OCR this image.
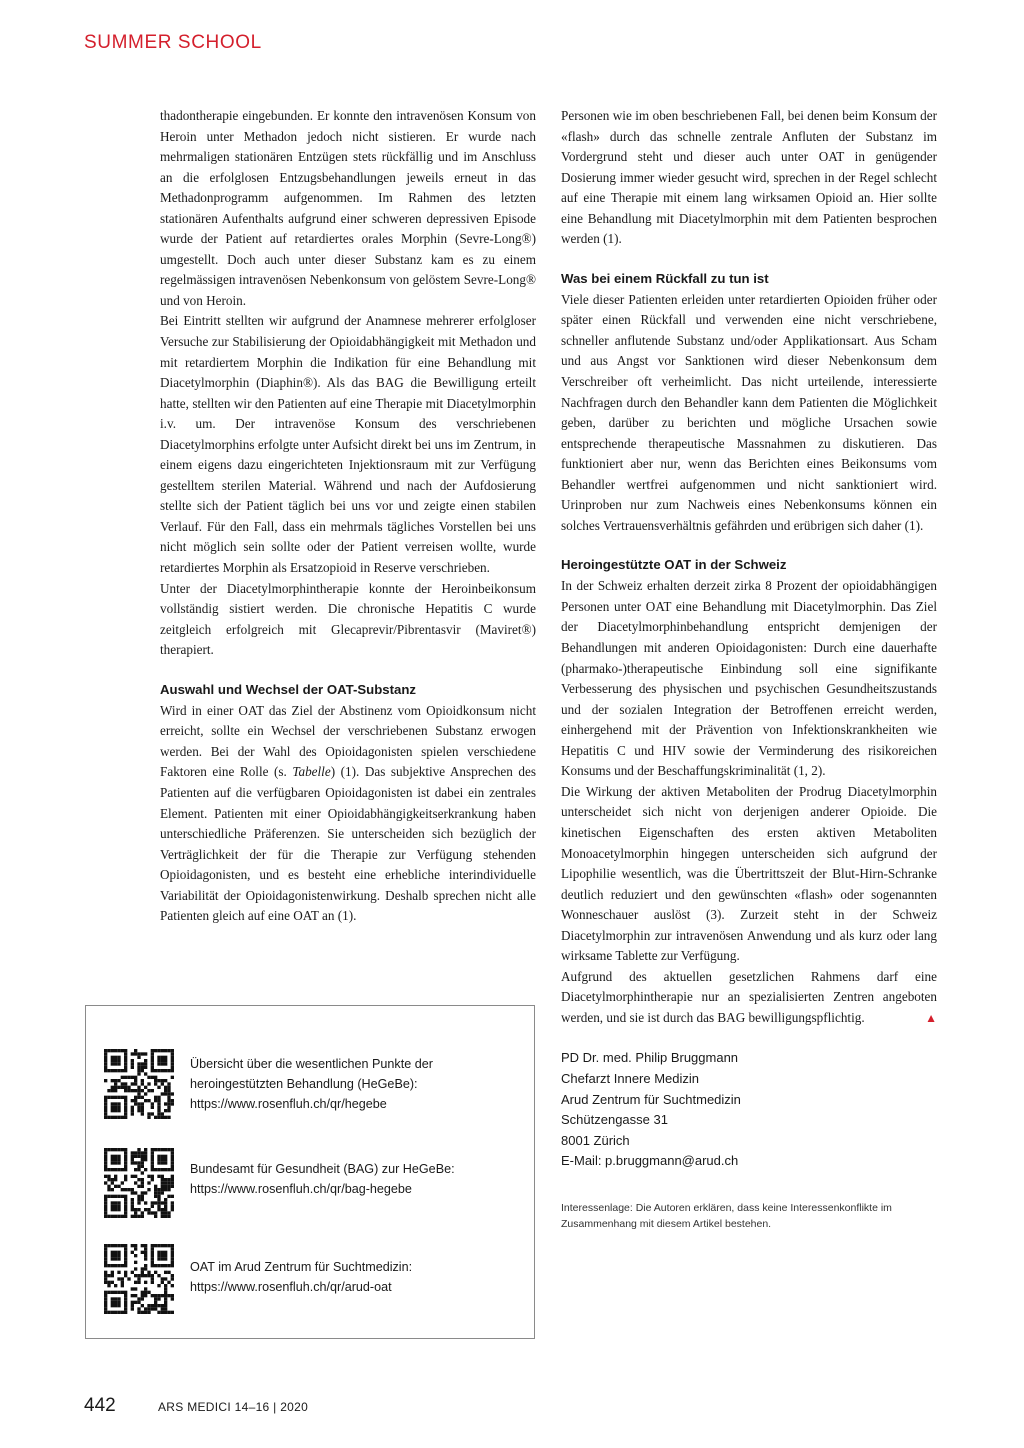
SUMMER SCHOOL

thadontherapie eingebunden. Er konnte den intravenösen Konsum von Heroin unter Methadon jedoch nicht sistieren. Er wurde nach mehrmaligen stationären Entzügen stets rückfällig und im Anschluss an die erfolglosen Entzugsbehandlungen jeweils erneut in das Methadonprogramm aufgenommen. Im Rahmen des letzten stationären Aufenthalts aufgrund einer schweren depressiven Episode wurde der Patient auf retardiertes orales Morphin (Sevre-Long®) umgestellt. Doch auch unter dieser Substanz kam es zu einem regelmässigen intravenösen Nebenkonsum von gelöstem Sevre-Long® und von Heroin.

Bei Eintritt stellten wir aufgrund der Anamnese mehrerer erfolgloser Versuche zur Stabilisierung der Opioidabhängigkeit mit Methadon und mit retardiertem Morphin die Indikation für eine Behandlung mit Diacetylmorphin (Diaphin®). Als das BAG die Bewilligung erteilt hatte, stellten wir den Patienten auf eine Therapie mit Diacetylmorphin i.v. um. Der intravenöse Konsum des verschriebenen Diacetylmorphins erfolgte unter Aufsicht direkt bei uns im Zentrum, in einem eigens dazu eingerichteten Injektionsraum mit zur Verfügung gestelltem sterilen Material. Während und nach der Aufdosierung stellte sich der Patient täglich bei uns vor und zeigte einen stabilen Verlauf. Für den Fall, dass ein mehrmals tägliches Vorstellen bei uns nicht möglich sein sollte oder der Patient verreisen wollte, wurde retardiertes Morphin als Ersatzopioid in Reserve verschrieben.

Unter der Diacetylmorphintherapie konnte der Heroinbeikonsum vollständig sistiert werden. Die chronische Hepatitis C wurde zeitgleich erfolgreich mit Glecaprevir/Pibrentasvir (Maviret®) therapiert.

Auswahl und Wechsel der OAT-Substanz

Wird in einer OAT das Ziel der Abstinenz vom Opioidkonsum nicht erreicht, sollte ein Wechsel der verschriebenen Substanz erwogen werden. Bei der Wahl des Opioidagonisten spielen verschiedene Faktoren eine Rolle (s. Tabelle) (1). Das subjektive Ansprechen des Patienten auf die verfügbaren Opioidagonisten ist dabei ein zentrales Element. Patienten mit einer Opioidabhängigkeitserkrankung haben unterschiedliche Präferenzen. Sie unterscheiden sich bezüglich der Verträglichkeit der für die Therapie zur Verfügung stehenden Opioidagonisten, und es besteht eine erhebliche interindividuelle Variabilität der Opioidagonistenwirkung. Deshalb sprechen nicht alle Patienten gleich auf eine OAT an (1).

Übersicht über die wesentlichen Punkte der heroingestützten Behandlung (HeGeBe):
https://www.rosenfluh.ch/qr/hegebe
Bundesamt für Gesundheit (BAG) zur HeGeBe:
https://www.rosenfluh.ch/qr/bag-hegebe
OAT im Arud Zentrum für Suchtmedizin:
https://www.rosenfluh.ch/qr/arud-oat

Personen wie im oben beschriebenen Fall, bei denen beim Konsum der «flash» durch das schnelle zentrale Anfluten der Substanz im Vordergrund steht und dieser auch unter OAT in genügender Dosierung immer wieder gesucht wird, sprechen in der Regel schlecht auf eine Therapie mit einem lang wirksamen Opioid an. Hier sollte eine Behandlung mit Diacetylmorphin mit dem Patienten besprochen werden (1).

Was bei einem Rückfall zu tun ist

Viele dieser Patienten erleiden unter retardierten Opioiden früher oder später einen Rückfall und verwenden eine nicht verschriebene, schneller anflutende Substanz und/oder Applikationsart. Aus Scham und aus Angst vor Sanktionen wird dieser Nebenkonsum dem Verschreiber oft verheimlicht. Das nicht urteilende, interessierte Nachfragen durch den Behandler kann dem Patienten die Möglichkeit geben, darüber zu berichten und mögliche Ursachen sowie entsprechende therapeutische Massnahmen zu diskutieren. Das funktioniert aber nur, wenn das Berichten eines Beikonsums vom Behandler wertfrei aufgenommen und nicht sanktioniert wird. Urinproben nur zum Nachweis eines Nebenkonsums können ein solches Vertrauensverhältnis gefährden und erübrigen sich daher (1).

Heroingestützte OAT in der Schweiz

In der Schweiz erhalten derzeit zirka 8 Prozent der opioidabhängigen Personen unter OAT eine Behandlung mit Diacetylmorphin. Das Ziel der Diacetylmorphinbehandlung entspricht demjenigen der Behandlungen mit anderen Opioidagonisten: Durch eine dauerhafte (pharmako-)therapeutische Einbindung soll eine signifikante Verbesserung des physischen und psychischen Gesundheitszustands und der sozialen Integration der Betroffenen erreicht werden, einhergehend mit der Prävention von Infektionskrankheiten wie Hepatitis C und HIV sowie der Verminderung des risikoreichen Konsums und der Beschaffungskriminalität (1, 2).

Die Wirkung der aktiven Metaboliten der Prodrug Diacetylmorphin unterscheidet sich nicht von derjenigen anderer Opioide. Die kinetischen Eigenschaften des ersten aktiven Metaboliten Monoacetylmorphin hingegen unterscheiden sich aufgrund der Lipophilie wesentlich, was die Übertrittszeit der Blut-Hirn-Schranke deutlich reduziert und den gewünschten «flash» oder sogenannten Wonneschauer auslöst (3). Zurzeit steht in der Schweiz Diacetylmorphin zur intravenösen Anwendung und als kurz oder lang wirksame Tablette zur Verfügung.

Aufgrund des aktuellen gesetzlichen Rahmens darf eine Diacetylmorphintherapie nur an spezialisierten Zentren angeboten werden, und sie ist durch das BAG bewilligungspflichtig.	▲

PD Dr. med. Philip Bruggmann
Chefarzt Innere Medizin
Arud Zentrum für Suchtmedizin
Schützengasse 31
8001 Zürich
E-Mail: p.bruggmann@arud.ch
Interessenlage: Die Autoren erklären, dass keine Interessenkonflikte im Zusammenhang mit diesem Artikel bestehen.
442	ARS MEDICI 14–16 | 2020
